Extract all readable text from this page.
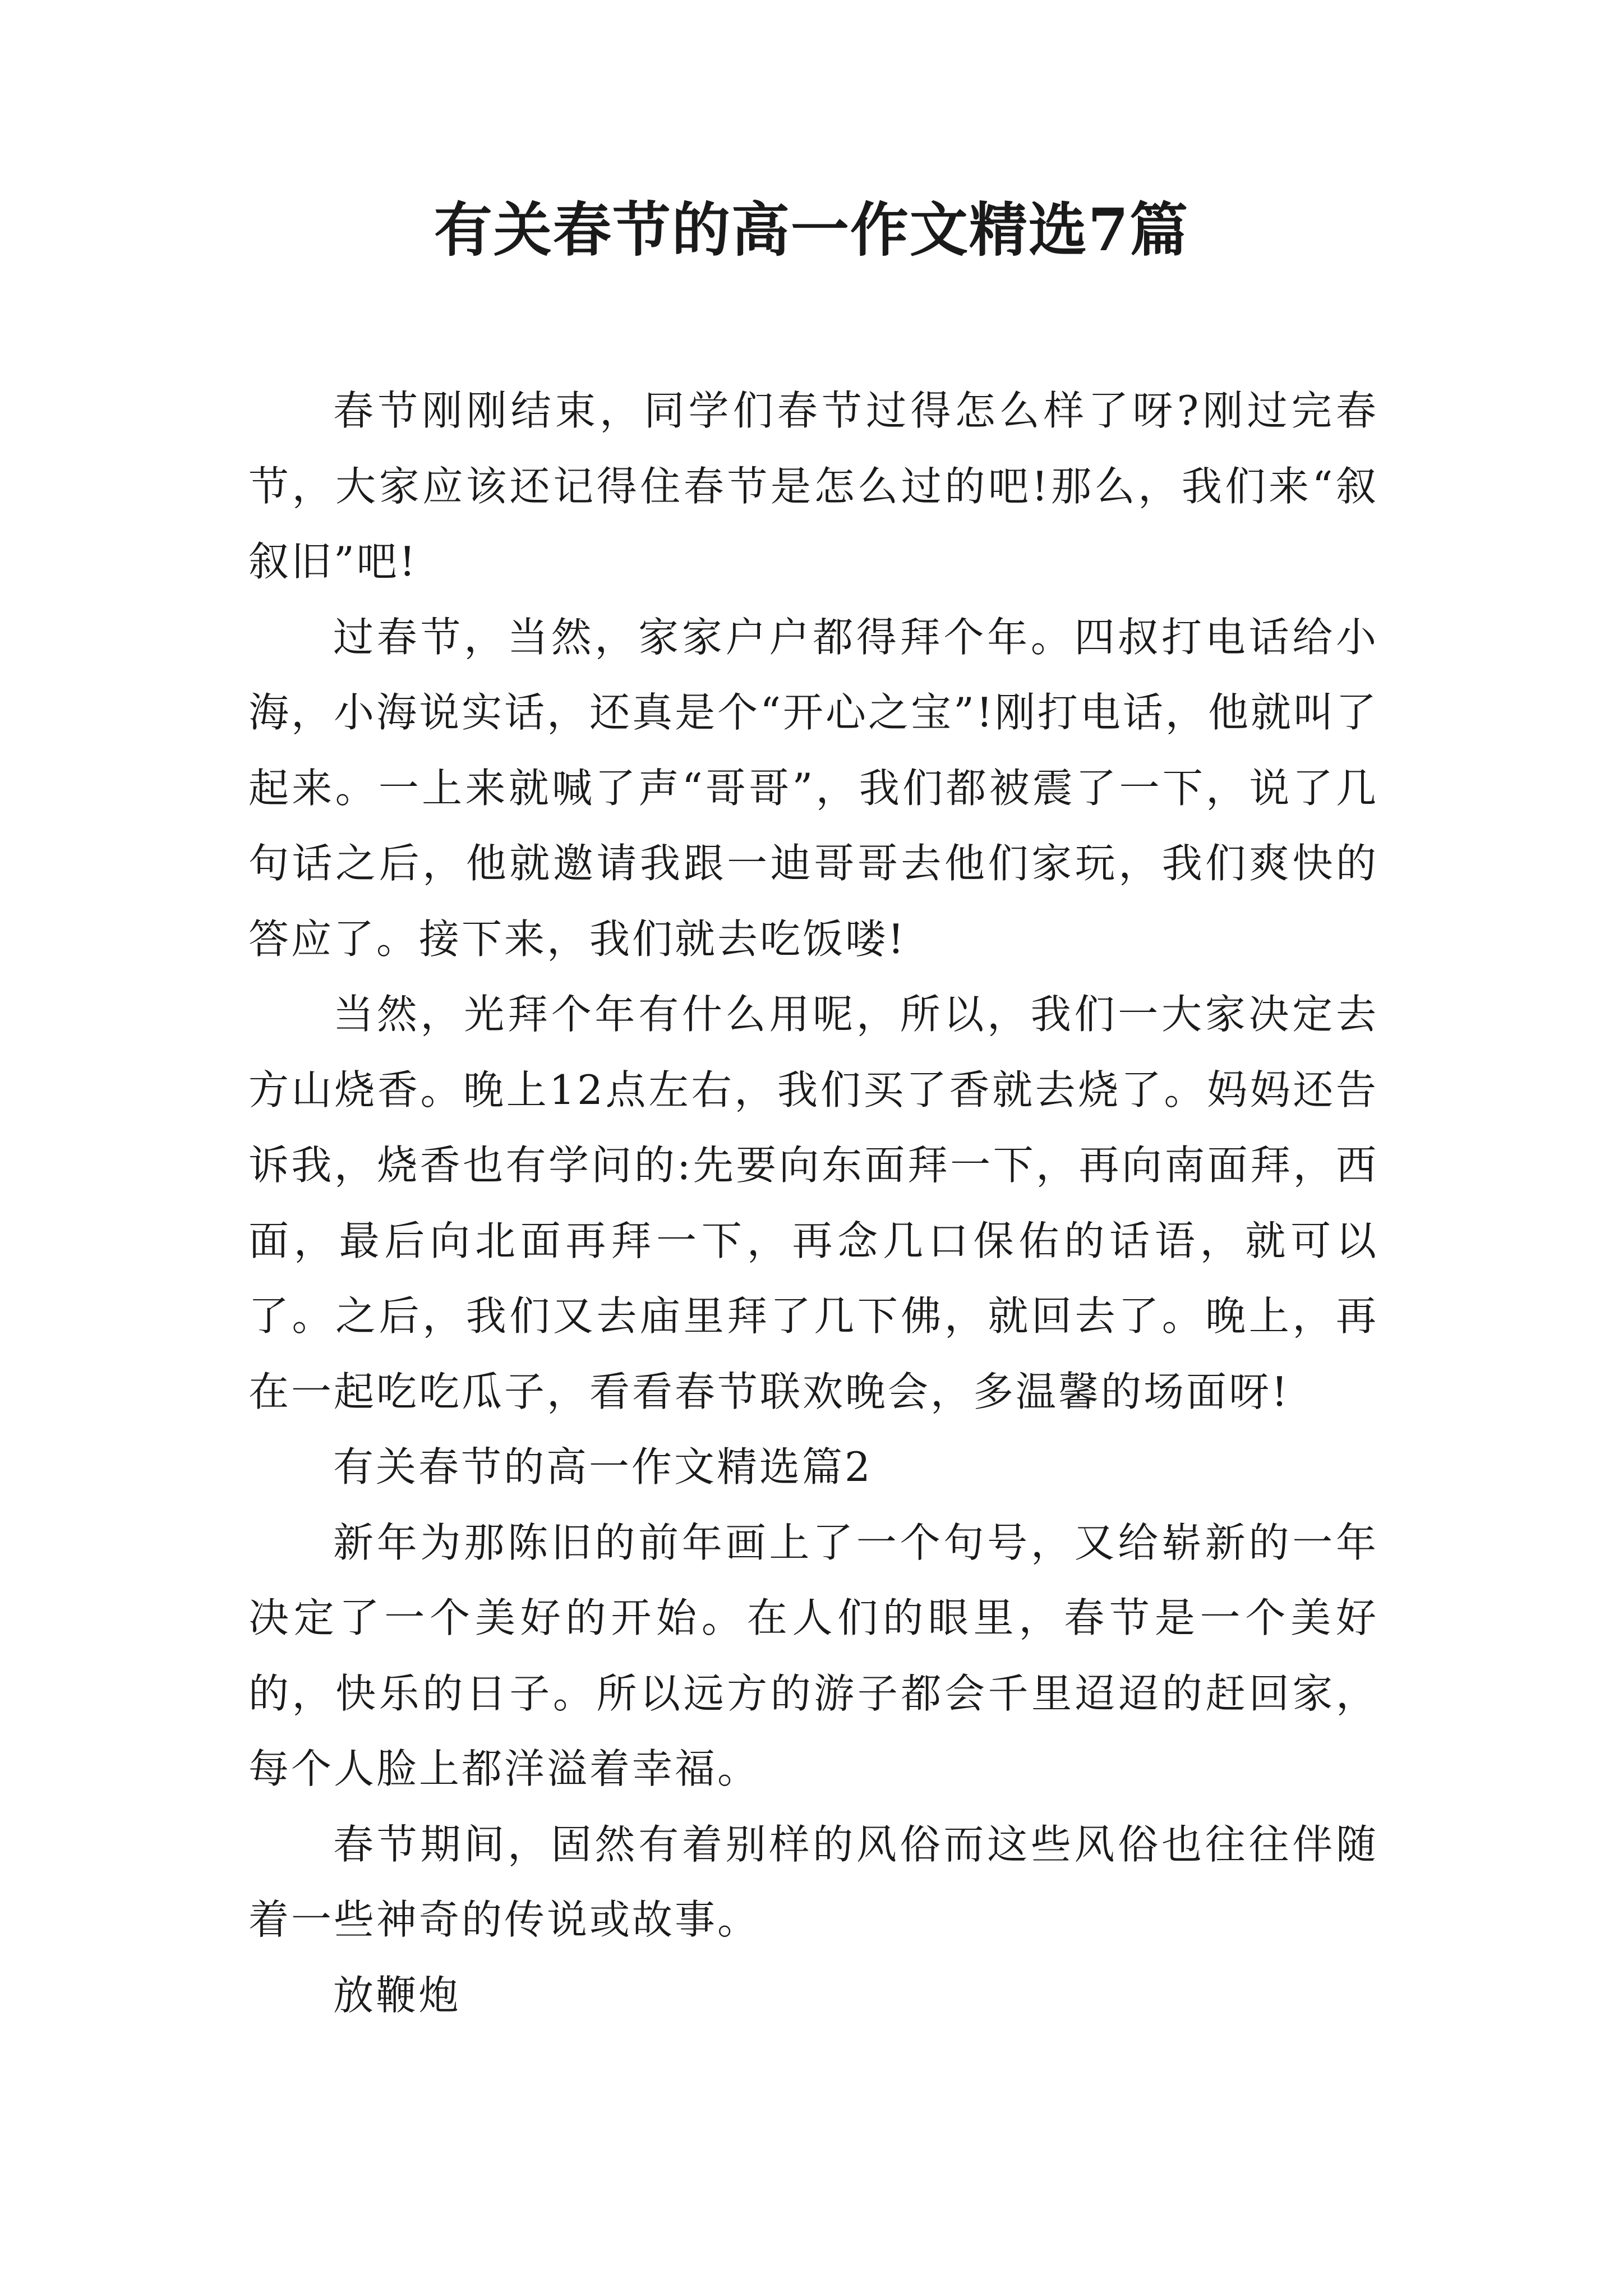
有关春节的高一作文精选7篇

春节刚刚结束，同学们春节过得怎么样了呀?刚过完春节，大家应该还记得住春节是怎么过的吧!那么，我们来“叙叙旧”吧!

过春节，当然，家家户户都得拜个年。四叔打电话给小海，小海说实话，还真是个“开心之宝”!刚打电话，他就叫了起来。一上来就喊了声“哥哥”，我们都被震了一下，说了几句话之后，他就邀请我跟一迪哥哥去他们家玩，我们爽快的答应了。接下来，我们就去吃饭喽!

当然，光拜个年有什么用呢，所以，我们一大家决定去方山烧香。晚上12点左右，我们买了香就去烧了。妈妈还告诉我，烧香也有学问的:先要向东面拜一下，再向南面拜，西面，最后向北面再拜一下，再念几口保佑的话语，就可以了。之后，我们又去庙里拜了几下佛，就回去了。晚上，再在一起吃吃瓜子，看看春节联欢晚会，多温馨的场面呀!

有关春节的高一作文精选篇2

新年为那陈旧的前年画上了一个句号，又给崭新的一年决定了一个美好的开始。在人们的眼里，春节是一个美好的，快乐的日子。所以远方的游子都会千里迢迢的赶回家，每个人脸上都洋溢着幸福。

春节期间，固然有着别样的风俗而这些风俗也往往伴随着一些神奇的传说或故事。

放鞭炮
